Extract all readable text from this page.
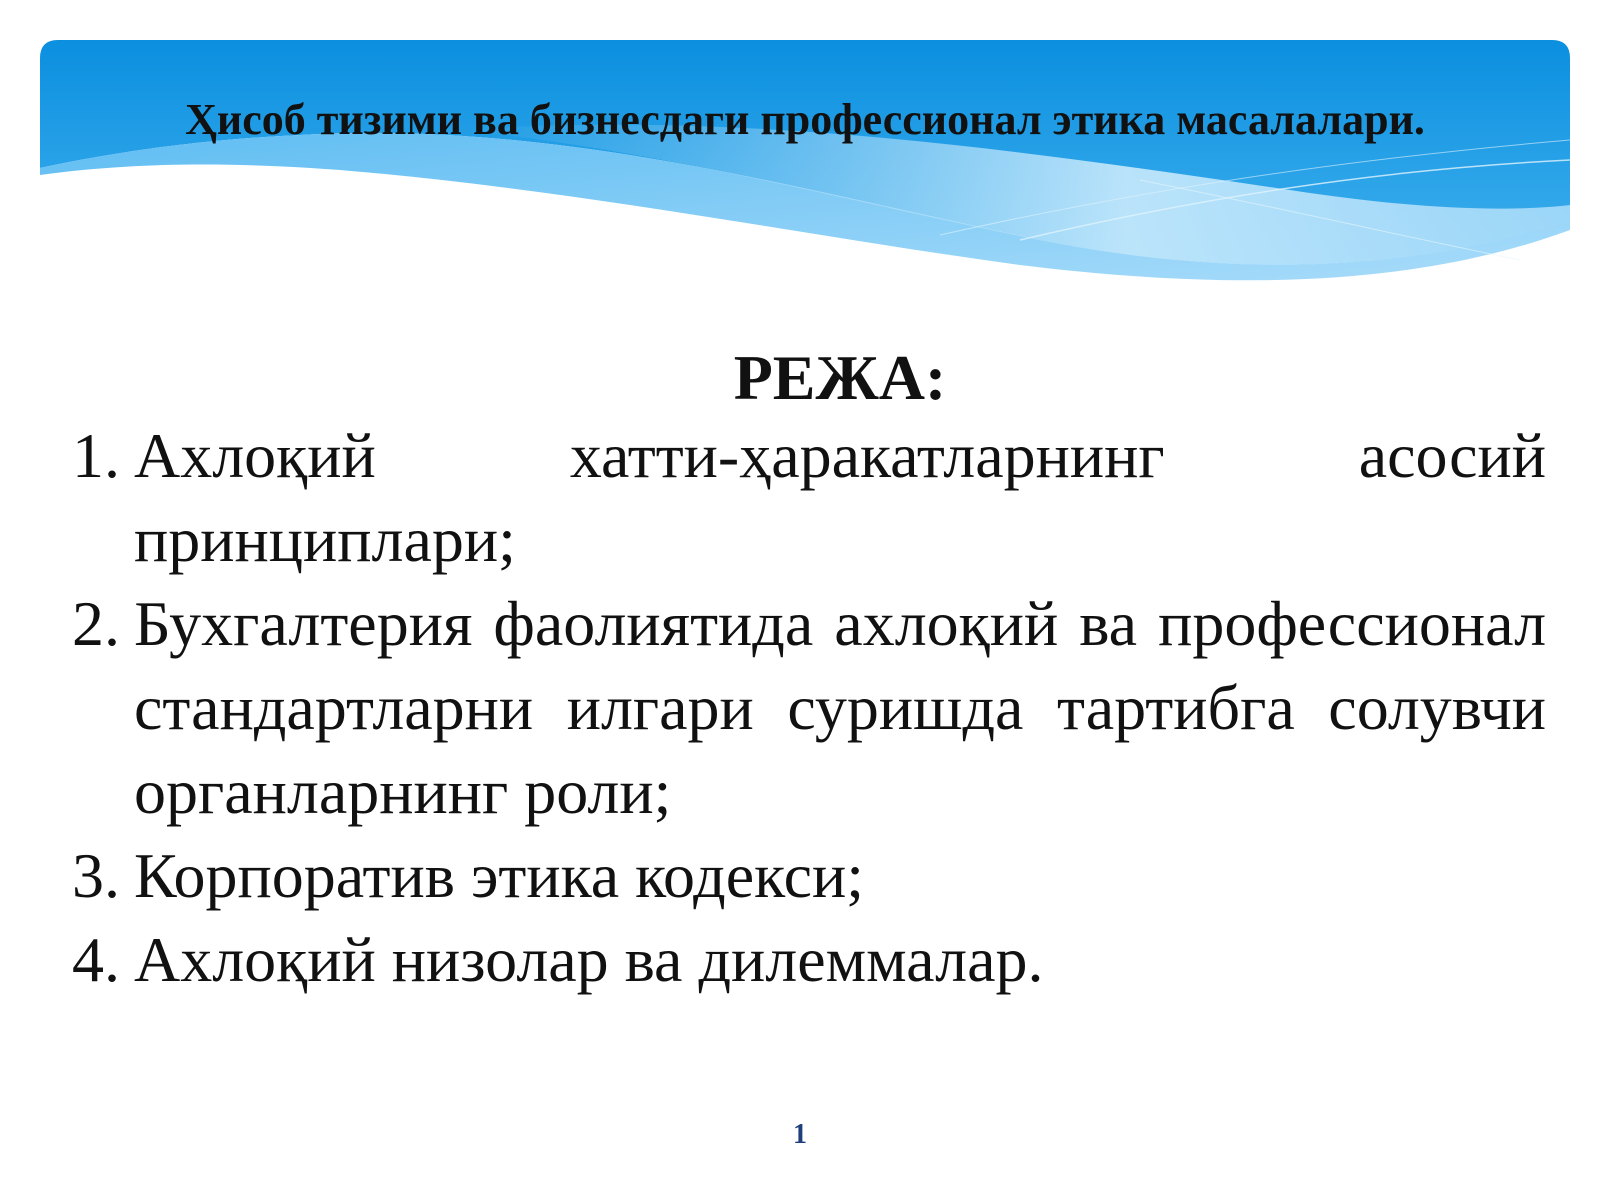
Ҳисоб тизими ва бизнесдаги профессионал этика масалалари.
РЕЖА:
1. Ахлоқий хатти-ҳаракатларнинг асосий принциплари;
2. Бухгалтерия фаолиятида ахлоқий ва профессионал стандартларни илгари суришда тартибга солувчи органларнинг роли;
3. Корпоратив этика кодекси;
4. Ахлоқий низолар ва дилеммалар.
1
